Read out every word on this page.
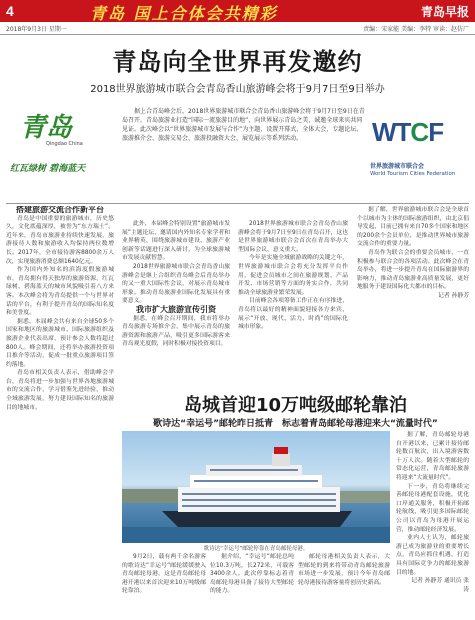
4	青岛 国上合体会共精彩	青岛早报
2018年9月3日 星期一	责编：宋家能 美编：李特 审读：赵仿广
青岛向全世界再发邀约
2018世界旅游城市联合会青岛香山旅游峰会将于9月7日至9日举办
青岛
Qingdao China
红瓦绿树 碧海蓝天
据上合青岛峰会后，2018世界旅游城市联合会青岛香山旅游峰会将于9月7日至9日在青岛召开。青岛旅游业打造“国际一流旅游目的地”，向世界展示青岛之美，诚邀全球来宾共同见证。此次峰会以“世界旅游城市发展与合作”为主题，设置开幕式、全体大会、专题论坛、旅游推介会、旅游交易会、旅游投融资大会、展览展示等系列活动。	WTCF
世界旅游城市联合会
World Tourism Cities Federation

搭建旅游交流合作新平台

青岛是中国重要的旅游城市，历史悠久，文化底蕴深厚，被誉为“东方瑞士”。近年来，青岛市旅游业持续快速发展，旅游接待人数和旅游收入均保持两位数增长。2017年，全市接待游客8800余万人次，实现旅游消费总额1640亿元。

作为国内外知名的滨海度假旅游城市，青岛拥有得天独厚的旅游资源，红瓦绿树、碧海蓝天的城市风貌吸引着八方来客。本次峰会将为青岛提供一个与世界对话的平台，有利于提升青岛的国际知名度和美誉度。

据悉，本届峰会共有来自全球50多个国家和地区的旅游城市、国际旅游组织及旅游企业代表出席，预计参会人数将超过800人。峰会期间，还将举办旅游投资项目推介等活动，促成一批重点旅游项目签约落地。

青岛市相关负责人表示，借助峰会平台，青岛将进一步加强与世界各地旅游城市的交流合作，学习借鉴先进经验，推动全域旅游发展，努力建设国际知名的旅游目的地城市。

此外，本届峰会特别设置“旅游城市发展”主题论坛，邀请国内外知名专家学者和业界精英，围绕旅游城市建设、旅游产业创新等话题进行深入研讨，为全球旅游城市发展贡献智慧。

2018世界旅游城市联合会青岛香山旅游峰会是继上合组织青岛峰会后青岛举办的又一重大国际性会议，对展示青岛城市形象，推动青岛旅游业国际化发展具有重要意义。

我市扩大旅游宣传引资

据悉，在峰会召开期间，我市将举办青岛旅游专场推介会，集中展示青岛的旅游资源和旅游产品，吸引更多国际游客来青岛观光度假，同时积极对接投资项目。

2018世界旅游城市联合会青岛香山旅游峰会将于9月7日至9日在青岛召开，这也是世界旅游城市联合会首次在青岛举办大型国际会议，意义重大。

今年是实施全域旅游战略的关键之年，世界旅游城市联合会将充分发挥平台作用，促进会员城市之间在旅游规划、产品开发、市场营销等方面的务实合作，共同推动全球旅游业繁荣发展。

目前峰会各项筹备工作正在有序推进，青岛将以最好的精神面貌迎接各方来宾，展示“开放、现代、活力、时尚”的国际化城市形象。

据了解，世界旅游城市联合会是全球首个以城市为主体的国际旅游组织，由北京倡导发起，目前已拥有来自70多个国家和地区的200余个会员单位，是推动世界城市旅游交流合作的重要力量。

青岛作为联合会的重要会员城市，一直积极参与联合会的各项活动。此次峰会在青岛举办，将进一步提升青岛在国际旅游界的影响力，推动青岛旅游业高质量发展，更好地服务于建设国际化大都市的目标。

记者 孙静芳

岛城首迎10万吨级邮轮靠泊
歌诗达“幸运号”邮轮昨日抵青　标志着青岛邮轮母港迎来大“流量时代”
歌诗达“幸运号”邮轮停靠在青岛邮轮母港。

9月2日，载有两千余名游客的歌诗达“幸运号”邮轮缓缓驶入青岛邮轮母港，这是青岛邮轮母港开港以来首次迎来10万吨级邮轮靠泊。

据介绍，“幸运号”邮轮总吨位10.3万吨，长272米，可载客3400余人。此次停靠标志着青岛邮轮母港具备了接待大型邮轮的能力。

邮轮母港相关负责人表示，大型邮轮的到来将带动青岛邮轮旅游市场进一步发展，预计今年青岛邮轮母港接待游客量将创历史新高。

据了解，青岛邮轮母港自开港以来，已累计接待邮轮数百航次，出入境游客数十万人次。随着大型邮轮的常态化运营，青岛邮轮旅游将迎来“大流量时代”。

下一步，青岛将继续完善邮轮母港配套设施，优化口岸通关服务，积极开拓邮轮航线，吸引更多国际邮轮公司以青岛为母港开展运营，推动邮轮经济发展。

业内人士认为，邮轮旅游已成为旅游业的重要增长点，青岛应抓住机遇，打造具有国际竞争力的邮轮旅游目的地。

记者 孙静芳 通讯员 张涛
